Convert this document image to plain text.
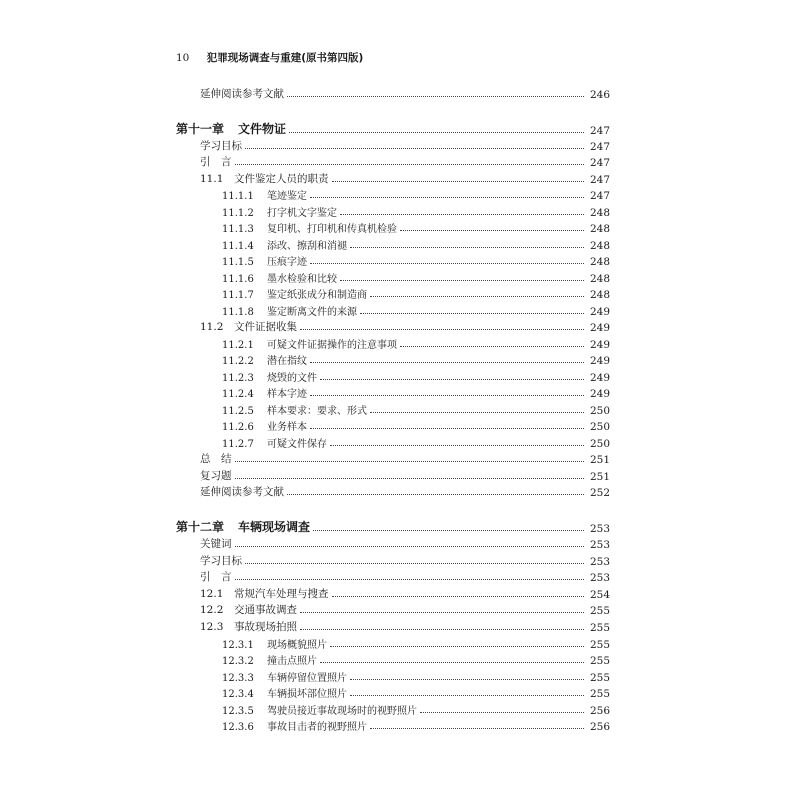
10 犯罪现场调查与重建(原书第四版)
延伸阅读参考文献	246
第十一章 文件物证	247
学习目标	247
引　言	247
11.1 文件鉴定人员的职责	247
11.1.1 笔迹鉴定	247
11.1.2 打字机文字鉴定	248
11.1.3 复印机、打印机和传真机检验	248
11.1.4 添改、擦刮和消褪	248
11.1.5 压痕字迹	248
11.1.6 墨水检验和比较	248
11.1.7 鉴定纸张成分和制造商	248
11.1.8 鉴定断离文件的来源	249
11.2 文件证据收集	249
11.2.1 可疑文件证据操作的注意事项	249
11.2.2 潜在指纹	249
11.2.3 烧毁的文件	249
11.2.4 样本字迹	249
11.2.5 样本要求：要求、形式	250
11.2.6 业务样本	250
11.2.7 可疑文件保存	250
总　结	251
复习题	251
延伸阅读参考文献	252
第十二章 车辆现场调查	253
关键词	253
学习目标	253
引　言	253
12.1 常规汽车处理与搜查	254
12.2 交通事故调查	255
12.3 事故现场拍照	255
12.3.1 现场概貌照片	255
12.3.2 撞击点照片	255
12.3.3 车辆停留位置照片	255
12.3.4 车辆损坏部位照片	255
12.3.5 驾驶员接近事故现场时的视野照片	256
12.3.6 事故目击者的视野照片	256
